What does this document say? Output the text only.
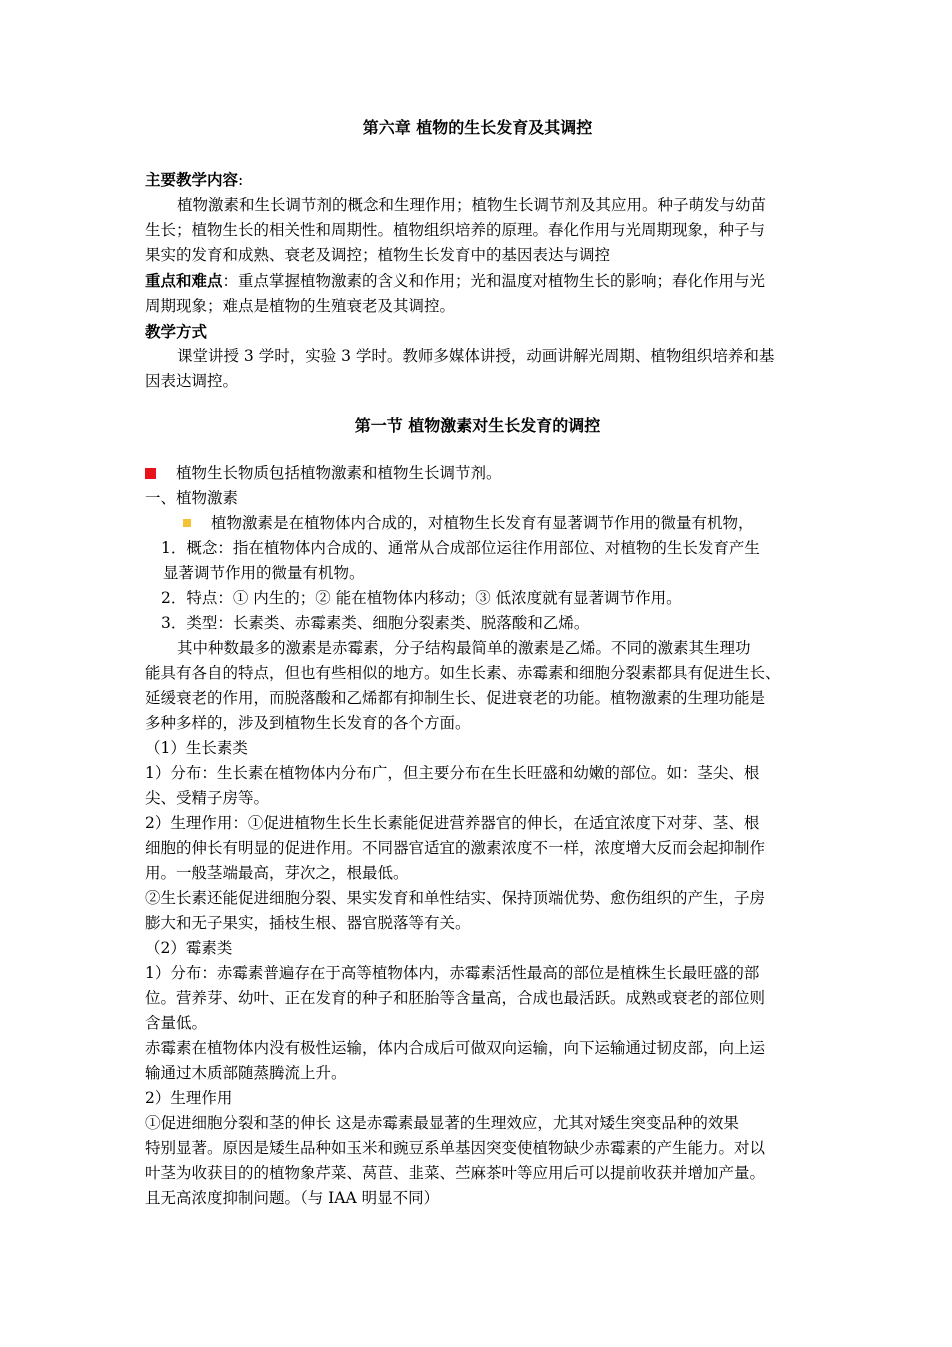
第六章 植物的生长发育及其调控
主要教学内容:
植物激素和生长调节剂的概念和生理作用；植物生长调节剂及其应用。种子萌发与幼苗
生长；植物生长的相关性和周期性。植物组织培养的原理。春化作用与光周期现象，种子与
果实的发育和成熟、衰老及调控；植物生长发育中的基因表达与调控
重点和难点：重点掌握植物激素的含义和作用；光和温度对植物生长的影响；春化作用与光
周期现象；难点是植物的生殖衰老及其调控。
教学方式
课堂讲授 3 学时，实验 3 学时。教师多媒体讲授，动画讲解光周期、植物组织培养和基
因表达调控。
第一节 植物激素对生长发育的调控
植物生长物质包括植物激素和植物生长调节剂。
一、植物激素
植物激素是在植物体内合成的，对植物生长发育有显著调节作用的微量有机物，
1．概念：指在植物体内合成的、通常从合成部位运往作用部位、对植物的生长发育产生
显著调节作用的微量有机物。
2．特点：① 内生的；② 能在植物体内移动；③ 低浓度就有显著调节作用。
3．类型：长素类、赤霉素类、细胞分裂素类、脱落酸和乙烯。
其中种数最多的激素是赤霉素，分子结构最简单的激素是乙烯。不同的激素其生理功
能具有各自的特点，但也有些相似的地方。如生长素、赤霉素和细胞分裂素都具有促进生长、
延缓衰老的作用，而脱落酸和乙烯都有抑制生长、促进衰老的功能。植物激素的生理功能是
多种多样的，涉及到植物生长发育的各个方面。
（1）生长素类
1）分布：生长素在植物体内分布广，但主要分布在生长旺盛和幼嫩的部位。如：茎尖、根
尖、受精子房等。
2）生理作用：①促进植物生长生长素能促进营养器官的伸长，在适宜浓度下对芽、茎、根
细胞的伸长有明显的促进作用。不同器官适宜的激素浓度不一样，浓度增大反而会起抑制作
用。一般茎端最高，芽次之，根最低。
②生长素还能促进细胞分裂、果实发育和单性结实、保持顶端优势、愈伤组织的产生，子房
膨大和无子果实，插枝生根、器官脱落等有关。
（2）霉素类
1）分布：赤霉素普遍存在于高等植物体内，赤霉素活性最高的部位是植株生长最旺盛的部
位。营养芽、幼叶、正在发育的种子和胚胎等含量高，合成也最活跃。成熟或衰老的部位则
含量低。
赤霉素在植物体内没有极性运输，体内合成后可做双向运输，向下运输通过韧皮部，向上运
输通过木质部随蒸腾流上升。
2）生理作用
①促进细胞分裂和茎的伸长 这是赤霉素最显著的生理效应，尤其对矮生突变品种的效果
特别显著。原因是矮生品种如玉米和豌豆系单基因突变使植物缺少赤霉素的产生能力。对以
叶茎为收获目的的植物象芹菜、莴苣、韭菜、苎麻茶叶等应用后可以提前收获并增加产量。
且无高浓度抑制问题。（与 IAA 明显不同）
